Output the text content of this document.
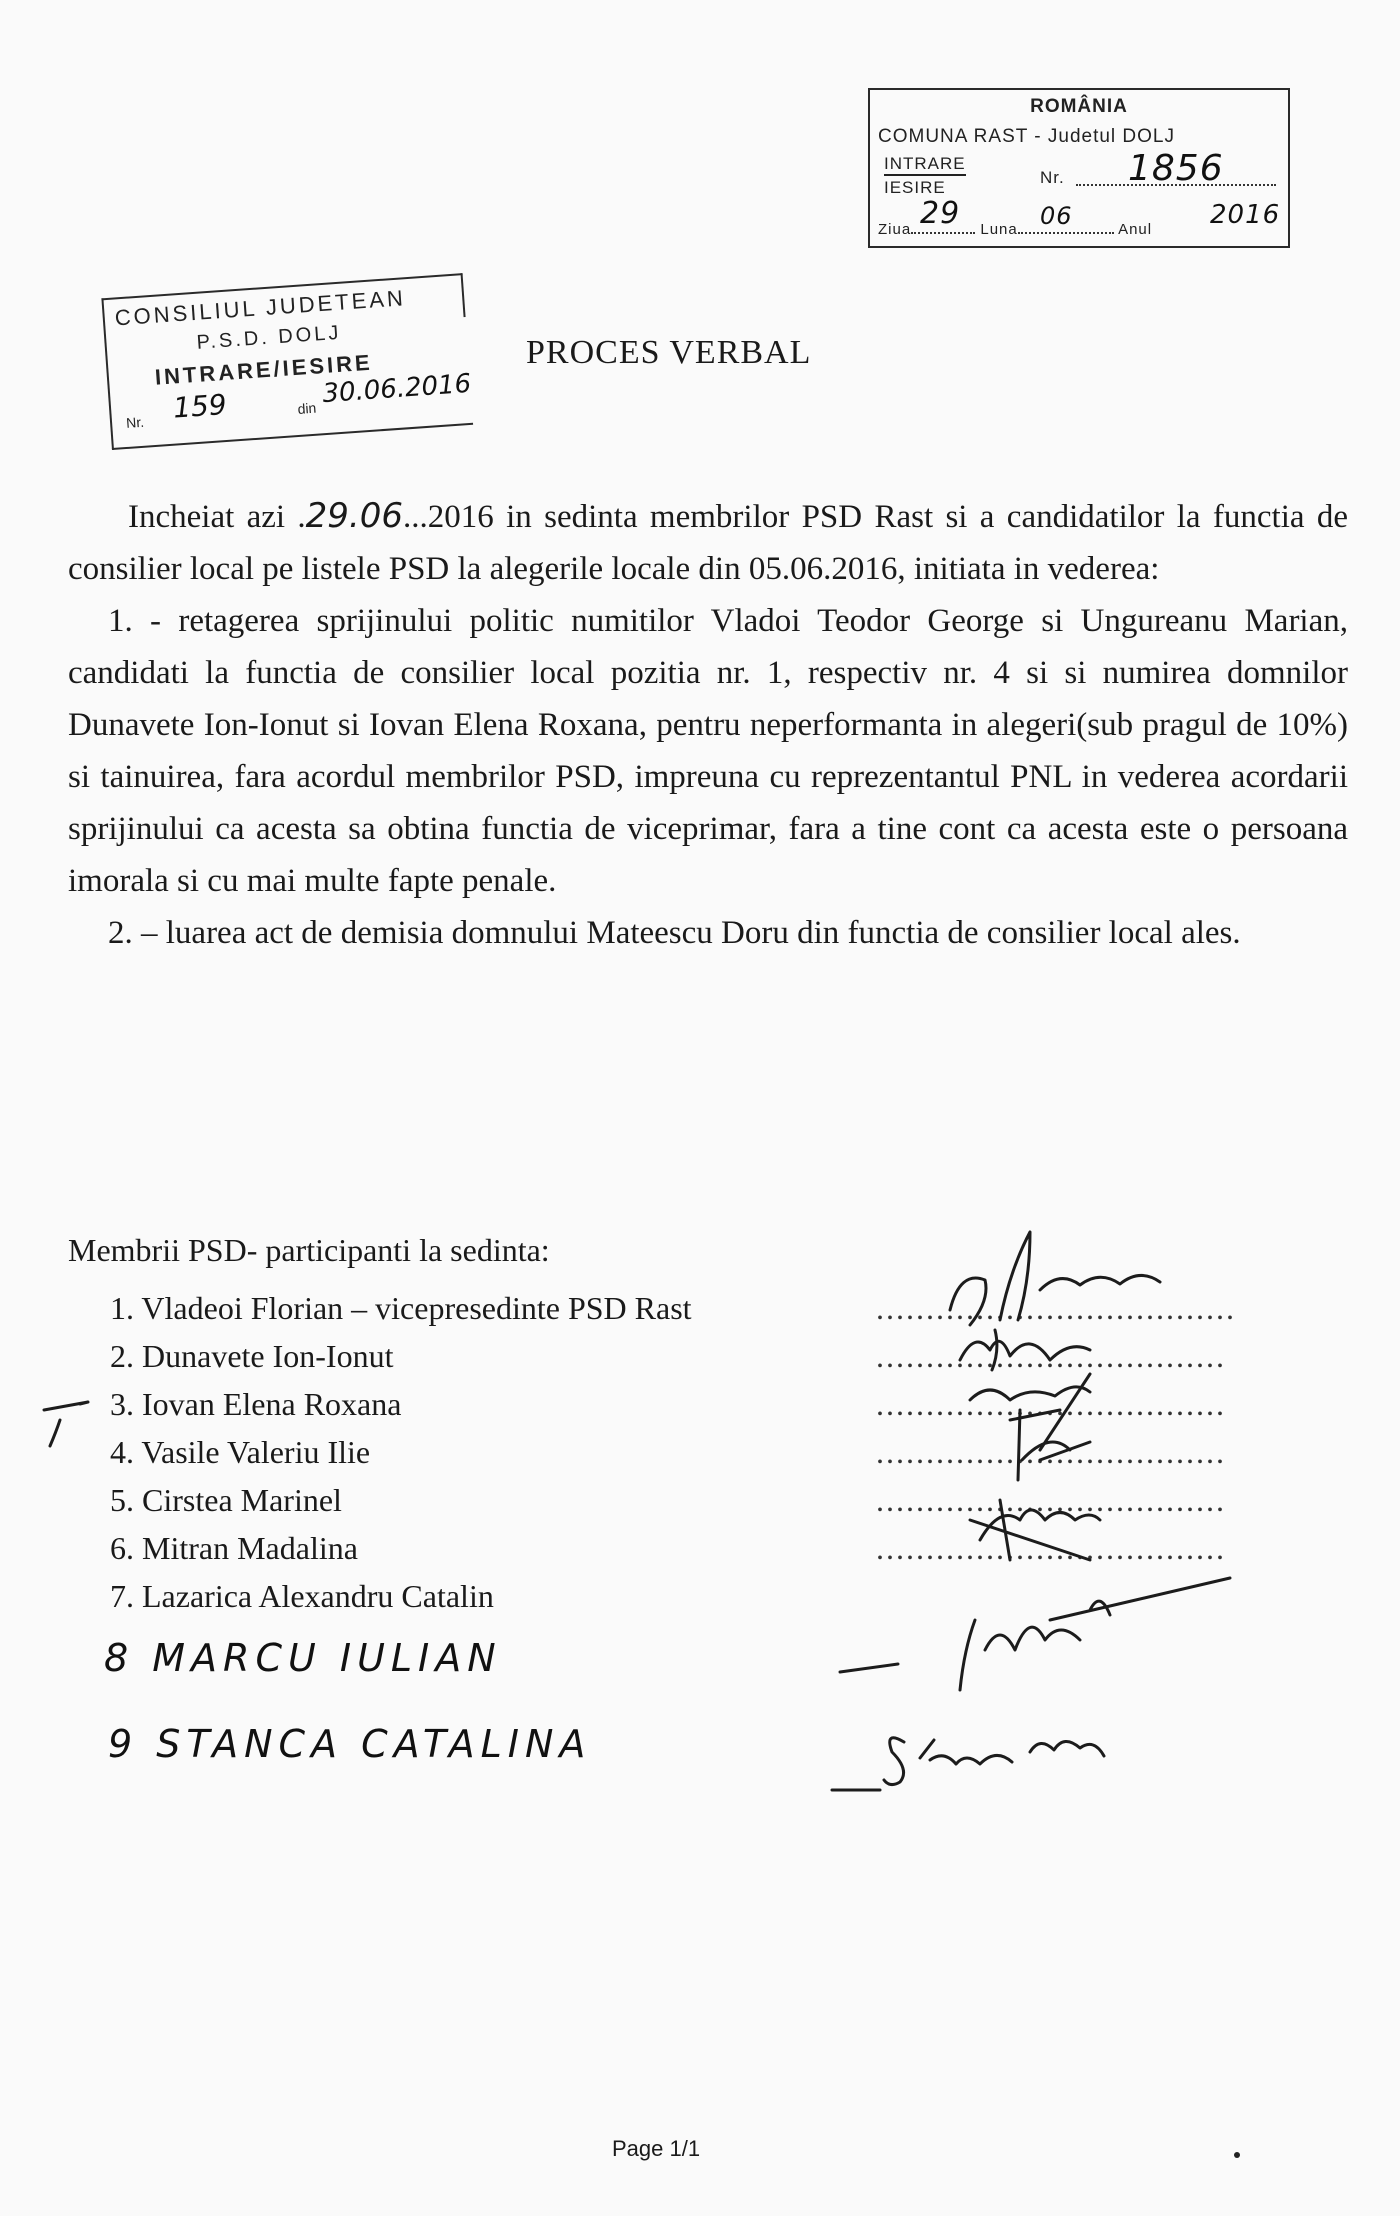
ROMÂNIA
COMUNA RAST - Judetul DOLJ
INTRARE
IESIRE
Nr. 1856
Ziua	Luna	Anul
29	06	2016
CONSILIUL JUDETEAN
P.S.D. DOLJ
INTRARE/IESIRE
Nr. 159	din 30.06.2016
PROCES VERBAL

Incheiat azi .29.06...2016 in sedinta membrilor PSD Rast si a candidatilor la functia de consilier local pe listele PSD la alegerile locale din 05.06.2016, initiata in vederea:

1. - retagerea sprijinului politic numitilor Vladoi Teodor George si Ungureanu Marian, candidati la functia de consilier local pozitia nr. 1, respectiv nr. 4 si si numirea domnilor Dunavete Ion-Ionut si Iovan Elena Roxana, pentru neperformanta in alegeri(sub pragul de 10%) si tainuirea, fara acordul membrilor PSD, impreuna cu reprezentantul PNL in vederea acordarii sprijinului ca acesta sa obtina functia de viceprimar, fara a tine cont ca acesta este o persoana imorala si cu mai multe fapte penale.

2. – luarea act de demisia domnului Mateescu Doru din functia de consilier local ales.

Membrii PSD- participanti la sedinta:
1. Vladeoi Florian – vicepresedinte PSD Rast	....................................
2. Dunavete Ion-Ionut	...................................
3. Iovan Elena Roxana	...................................
4. Vasile Valeriu Ilie	...................................
5. Cirstea Marinel	...................................
6. Mitran Madalina	...................................
7. Lazarica Alexandru Catalin
8 MARCU IULIAN
9 STANCA CATALINA
Page 1/1
